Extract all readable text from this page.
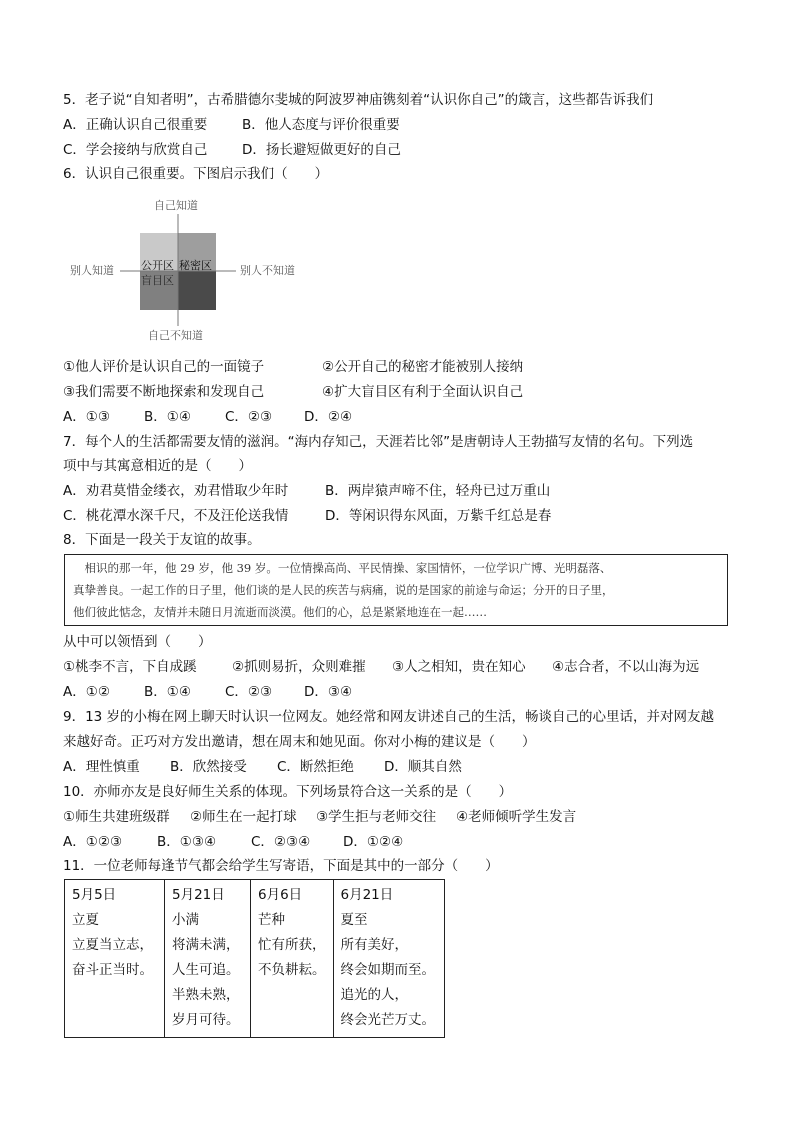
5．老子说“自知者明”，古希腊德尔斐城的阿波罗神庙镌刻着“认识你自己”的箴言，这些都告诉我们
A．正确认识自己很重要	B．他人态度与评价很重要
C．学会接纳与欣赏自己	D．扬长避短做更好的自己
6．认识自己很重要。下图启示我们（　　）
自己知道
自己不知道
别人知道	别人不知道
公开区 秘密区
盲目区
①他人评价是认识自己的一面镜子	②公开自己的秘密才能被别人接纳
③我们需要不断地探索和发现自己	④扩大盲目区有利于全面认识自己
A．①③	B．①④	C．②③ D．②④
7．每个人的生活都需要友情的滋润。“海内存知己，天涯若比邻”是唐朝诗人王勃描写友情的名句。下列选
项中与其寓意相近的是（　　）
A．劝君莫惜金缕衣，劝君惜取少年时	B．两岸猿声啼不住，轻舟已过万重山
C．桃花潭水深千尺，不及汪伦送我情	D．等闲识得东风面，万紫千红总是春
8．下面是一段关于友谊的故事。
　相识的那一年，他 29 岁，他 39 岁。一位情操高尚、平民情操、家国情怀，一位学识广博、光明磊落、
真挚善良。一起工作的日子里，他们谈的是人民的疾苦与病痛，说的是国家的前途与命运；分开的日子里，
他们彼此惦念，友情并未随日月流逝而淡漠。他们的心，总是紧紧地连在一起……
从中可以领悟到（　　）
①桃李不言，下自成蹊	②抓则易折，众则难摧 ③人之相知，贵在知心 ④志合者，不以山海为远
A．①②	B．①④	C．②③ D．③④
9．13 岁的小梅在网上聊天时认识一位网友。她经常和网友讲述自己的生活，畅谈自己的心里话，并对网友越
来越好奇。正巧对方发出邀请，想在周末和她见面。你对小梅的建议是（　　）
A．理性慎重 B．欣然接受 C．断然拒绝 D．顺其自然
10．亦师亦友是良好师生关系的体现。下列场景符合这一关系的是（　　）
①师生共建班级群 ②师生在一起打球 ③学生拒与老师交往 ④老师倾听学生发言
A．①②③	B．①③④	C．②③④ D．①②④
11．一位老师每逢节气都会给学生写寄语，下面是其中的一部分（　　）
5月5日
立夏
立夏当立志，
奋斗正当时。

5月21日
小满
将满未满，
人生可追。
半熟未熟，
岁月可待。

6月6日
芒种
忙有所获，
不负耕耘。

6月21日
夏至
所有美好，
终会如期而至。
追光的人，
终会光芒万丈。
